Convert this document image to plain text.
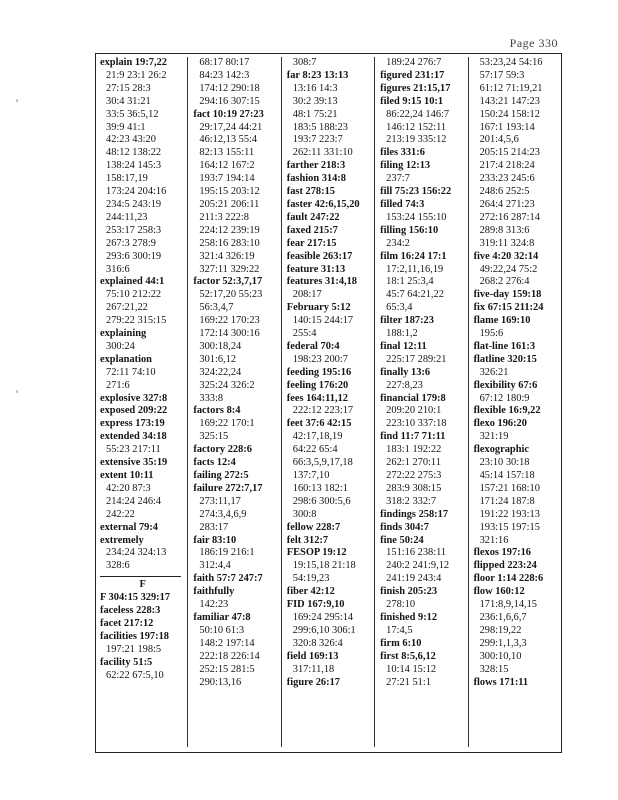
Page 330
'
'
explain 19:7,22
21:9 23:1 26:2
27:15 28:3
30:4 31:21
33:5 36:5,12
39:9 41:1
42:23 43:20
48:12 138:22
138:24 145:3
158:17,19
173:24 204:16
234:5 243:19
244:11,23
253:17 258:3
267:3 278:9
293:6 300:19
316:6
explained 44:1
75:10 212:22
267:21,22
279:22 315:15
explaining
300:24
explanation
72:11 74:10
271:6
explosive 327:8
exposed 209:22
express 173:19
extended 34:18
55:23 217:11
extensive 35:19
extent 10:11
42:20 87:3
214:24 246:4
242:22
external 79:4
extremely
234:24 324:13
328:6
F
F 304:15 329:17
faceless 228:3
facet 217:12
facilities 197:18
197:21 198:5
facility 51:5
62:22 67:5,10
68:17 80:17
84:23 142:3
174:12 290:18
294:16 307:15
fact 10:19 27:23
29:17,24 44:21
46:12,13 55:4
82:13 155:11
164:12 167:2
193:7 194:14
195:15 203:12
205:21 206:11
211:3 222:8
224:12 239:19
258:16 283:10
321:4 326:19
327:11 329:22
factor 52:3,7,17
52:17,20 55:23
56:3,4,7
169:22 170:23
172:14 300:16
300:18,24
301:6,12
324:22,24
325:24 326:2
333:8
factors 8:4
169:22 170:1
325:15
factory 228:6
facts 12:4
failing 272:5
failure 272:7,17
273:11,17
274:3,4,6,9
283:17
fair 83:10
186:19 216:1
312:4,4
faith 57:7 247:7
faithfully
142:23
familiar 47:8
50:10 61:3
148:2 197:14
222:18 226:14
252:15 281:5
290:13,16
308:7
far 8:23 13:13
13:16 14:3
30:2 39:13
48:1 75:21
183:5 188:23
193:7 223:7
262:11 331:10
farther 218:3
fashion 314:8
fast 278:15
faster 42:6,15,20
fault 247:22
faxed 215:7
fear 217:15
feasible 263:17
feature 31:13
features 31:4,18
208:17
February 5:12
140:15 244:17
255:4
federal 70:4
198:23 200:7
feeding 195:16
feeling 176:20
fees 164:11,12
222:12 223:17
feet 37:6 42:15
42:17,18,19
64:22 65:4
66:3,5,9,17,18
137:7,10
160:13 182:1
298:6 300:5,6
300:8
fellow 228:7
felt 312:7
FESOP 19:12
19:15,18 21:18
54:19,23
fiber 42:12
FID 167:9,10
169:24 295:14
299:6,10 306:1
320:8 326:4
field 169:13
317:11,18
figure 26:17
189:24 276:7
figured 231:17
figures 21:15,17
filed 9:15 10:1
86:22,24 146:7
146:12 152:11
213:19 335:12
files 331:6
filing 12:13
237:7
fill 75:23 156:22
filled 74:3
153:24 155:10
filling 156:10
234:2
film 16:24 17:1
17:2,11,16,19
18:1 25:3,4
45:7 64:21,22
65:3,4
filter 187:23
188:1,2
final 12:11
225:17 289:21
finally 13:6
227:8,23
financial 179:8
209:20 210:1
223:10 337:18
find 11:7 71:11
183:1 192:22
262:1 270:11
272:22 275:3
283:9 308:15
318:2 332:7
findings 258:17
finds 304:7
fine 50:24
151:16 238:11
240:2 241:9,12
241:19 243:4
finish 205:23
278:10
finished 9:12
17:4,5
firm 6:10
first 8:5,6,12
10:14 15:12
27:21 51:1
53:23,24 54:16
57:17 59:3
61:12 71:19,21
143:21 147:23
150:24 158:12
167:1 193:14
201:4,5,6
205:15 214:23
217:4 218:24
233:23 245:6
248:6 252:5
264:4 271:23
272:16 287:14
289:8 313:6
319:11 324:8
five 4:20 32:14
49:22,24 75:2
268:2 276:4
five-day 159:18
fix 67:15 211:24
flame 169:10
195:6
flat-line 161:3
flatline 320:15
326:21
flexibility 67:6
67:12 180:9
flexible 16:9,22
flexo 196:20
321:19
flexographic
23:10 30:18
45:14 157:18
157:21 168:10
171:24 187:8
191:22 193:13
193:15 197:15
321:16
flexos 197:16
flipped 223:24
floor 1:14 228:6
flow 160:12
171:8,9,14,15
236:1,6,6,7
298:19,22
299:1,1,3,3
300:10,10
328:15
flows 171:11
